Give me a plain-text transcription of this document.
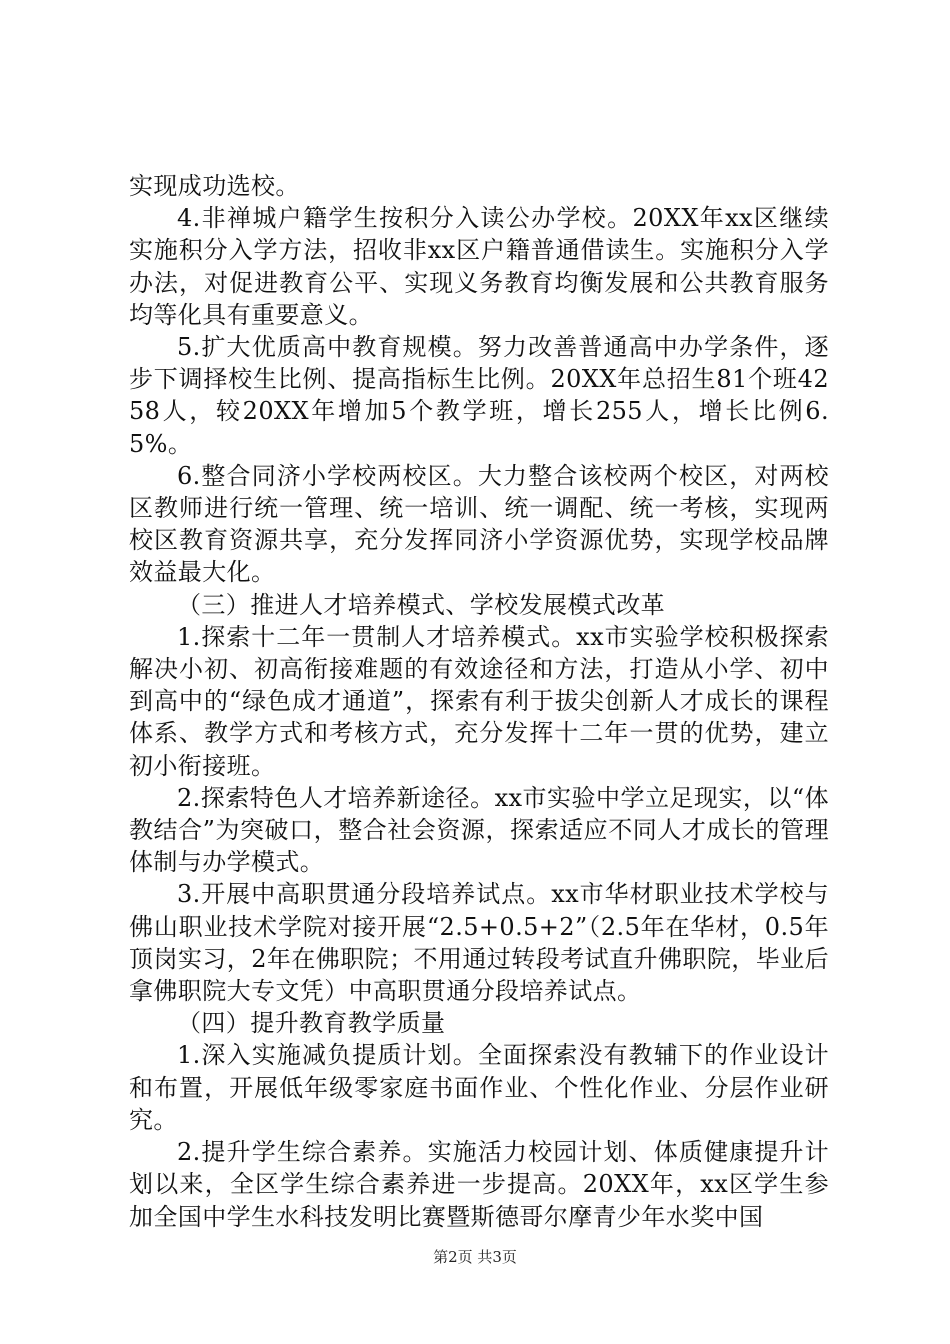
实现成功选校。

4.非禅城户籍学生按积分入读公办学校。20XX年xx区继续实施积分入学方法，招收非xx区户籍普通借读生。实施积分入学办法，对促进教育公平、实现义务教育均衡发展和公共教育服务均等化具有重要意义。

5.扩大优质高中教育规模。努力改善普通高中办学条件，逐步下调择校生比例、提高指标生比例。20XX年总招生81个班4258人，较20XX年增加5个教学班，增长255人，增长比例6.5%。

6.整合同济小学校两校区。大力整合该校两个校区，对两校区教师进行统一管理、统一培训、统一调配、统一考核，实现两校区教育资源共享，充分发挥同济小学资源优势，实现学校品牌效益最大化。

（三）推进人才培养模式、学校发展模式改革

1.探索十二年一贯制人才培养模式。xx市实验学校积极探索解决小初、初高衔接难题的有效途径和方法，打造从小学、初中到高中的“绿色成才通道”，探索有利于拔尖创新人才成长的课程体系、教学方式和考核方式，充分发挥十二年一贯的优势，建立初小衔接班。

2.探索特色人才培养新途径。xx市实验中学立足现实，以“体教结合”为突破口，整合社会资源，探索适应不同人才成长的管理体制与办学模式。

3.开展中高职贯通分段培养试点。xx市华材职业技术学校与佛山职业技术学院对接开展“2.5+0.5+2”（2.5年在华材，0.5年顶岗实习，2年在佛职院；不用通过转段考试直升佛职院，毕业后拿佛职院大专文凭）中高职贯通分段培养试点。

（四）提升教育教学质量

1.深入实施减负提质计划。全面探索没有教辅下的作业设计和布置，开展低年级零家庭书面作业、个性化作业、分层作业研究。

2.提升学生综合素养。实施活力校园计划、体质健康提升计划以来，全区学生综合素养进一步提高。20XX年，xx区学生参加全国中学生水科技发明比赛暨斯德哥尔摩青少年水奖中国

第2页 共3页
